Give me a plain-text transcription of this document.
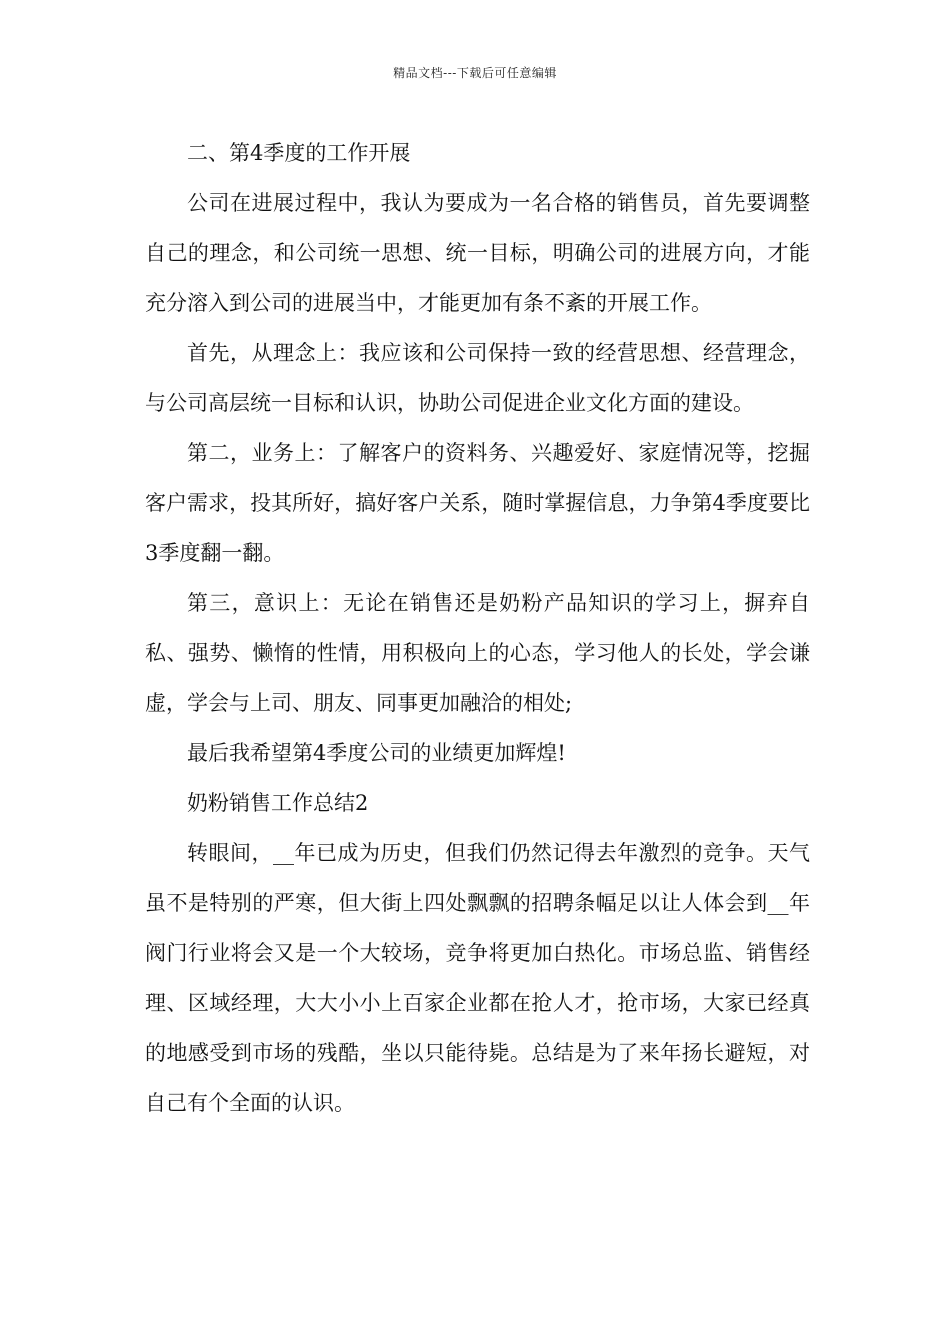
精品文档---下载后可任意编辑

二、第4季度的工作开展

公司在进展过程中，我认为要成为一名合格的销售员，首先要调整自己的理念，和公司统一思想、统一目标，明确公司的进展方向，才能充分溶入到公司的进展当中，才能更加有条不紊的开展工作。

首先，从理念上：我应该和公司保持一致的经营思想、经营理念，与公司高层统一目标和认识，协助公司促进企业文化方面的建设。

第二，业务上：了解客户的资料务、兴趣爱好、家庭情况等，挖掘客户需求，投其所好，搞好客户关系，随时掌握信息，力争第4季度要比3季度翻一翻。

第三，意识上：无论在销售还是奶粉产品知识的学习上，摒弃自私、强势、懒惰的性情，用积极向上的心态，学习他人的长处，学会谦虚，学会与上司、朋友、同事更加融洽的相处;

最后我希望第4季度公司的业绩更加辉煌!

奶粉销售工作总结2

转眼间，__年已成为历史，但我们仍然记得去年激烈的竞争。天气虽不是特别的严寒，但大街上四处飘飘的招聘条幅足以让人体会到__年阀门行业将会又是一个大较场，竞争将更加白热化。市场总监、销售经理、区域经理，大大小小上百家企业都在抢人才，抢市场，大家已经真的地感受到市场的残酷，坐以只能待毙。总结是为了来年扬长避短，对自己有个全面的认识。
